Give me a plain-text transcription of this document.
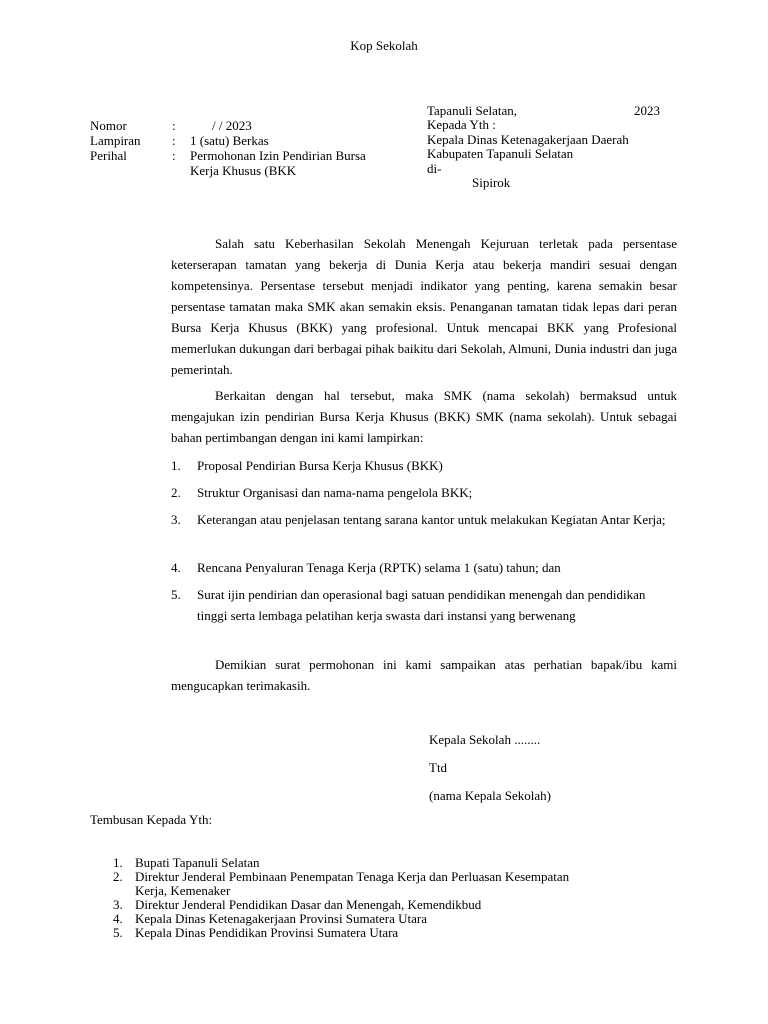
Kop Sekolah
Nomor	:	/ / 2023
Lampiran : 1 (satu) Berkas
Perihal	: Permohonan Izin Pendirian Bursa
Kerja Khusus (BKK
Tapanuli Selatan,	2023
Kepada Yth :
Kepala Dinas Ketenagakerjaan Daerah
Kabupaten Tapanuli Selatan
di-
Sipirok
Salah satu Keberhasilan Sekolah Menengah Kejuruan terletak pada persentase keterserapan tamatan yang bekerja di Dunia Kerja atau bekerja mandiri sesuai dengan kompetensinya. Persentase tersebut menjadi indikator yang penting, karena semakin besar persentase tamatan maka SMK akan semakin eksis. Penanganan tamatan tidak lepas dari peran Bursa Kerja Khusus (BKK) yang profesional. Untuk mencapai BKK yang Profesional memerlukan dukungan dari berbagai pihak baikitu dari Sekolah, Almuni, Dunia industri dan juga pemerintah.
Berkaitan dengan hal tersebut, maka SMK (nama sekolah) bermaksud untuk mengajukan izin pendirian Bursa Kerja Khusus (BKK) SMK (nama sekolah). Untuk sebagai bahan pertimbangan dengan ini kami lampirkan:
1. Proposal Pendirian Bursa Kerja Khusus (BKK)
2. Struktur Organisasi dan nama-nama pengelola BKK;
3. Keterangan atau penjelasan tentang sarana kantor untuk melakukan Kegiatan Antar Kerja;
4. Rencana Penyaluran Tenaga Kerja (RPTK) selama 1 (satu) tahun; dan
5. Surat ijin pendirian dan operasional bagi satuan pendidikan menengah dan pendidikan tinggi serta lembaga pelatihan kerja swasta dari instansi yang berwenang
Demikian surat permohonan ini kami sampaikan atas perhatian bapak/ibu kami mengucapkan terimakasih.
Kepala Sekolah ........
Ttd
(nama Kepala Sekolah)
Tembusan Kepada Yth:
1. Bupati Tapanuli Selatan
2. Direktur Jenderal Pembinaan Penempatan Tenaga Kerja dan Perluasan Kesempatan
Kerja, Kemenaker
3. Direktur Jenderal Pendidikan Dasar dan Menengah, Kemendikbud
4. Kepala Dinas Ketenagakerjaan Provinsi Sumatera Utara
5. Kepala Dinas Pendidikan Provinsi Sumatera Utara
